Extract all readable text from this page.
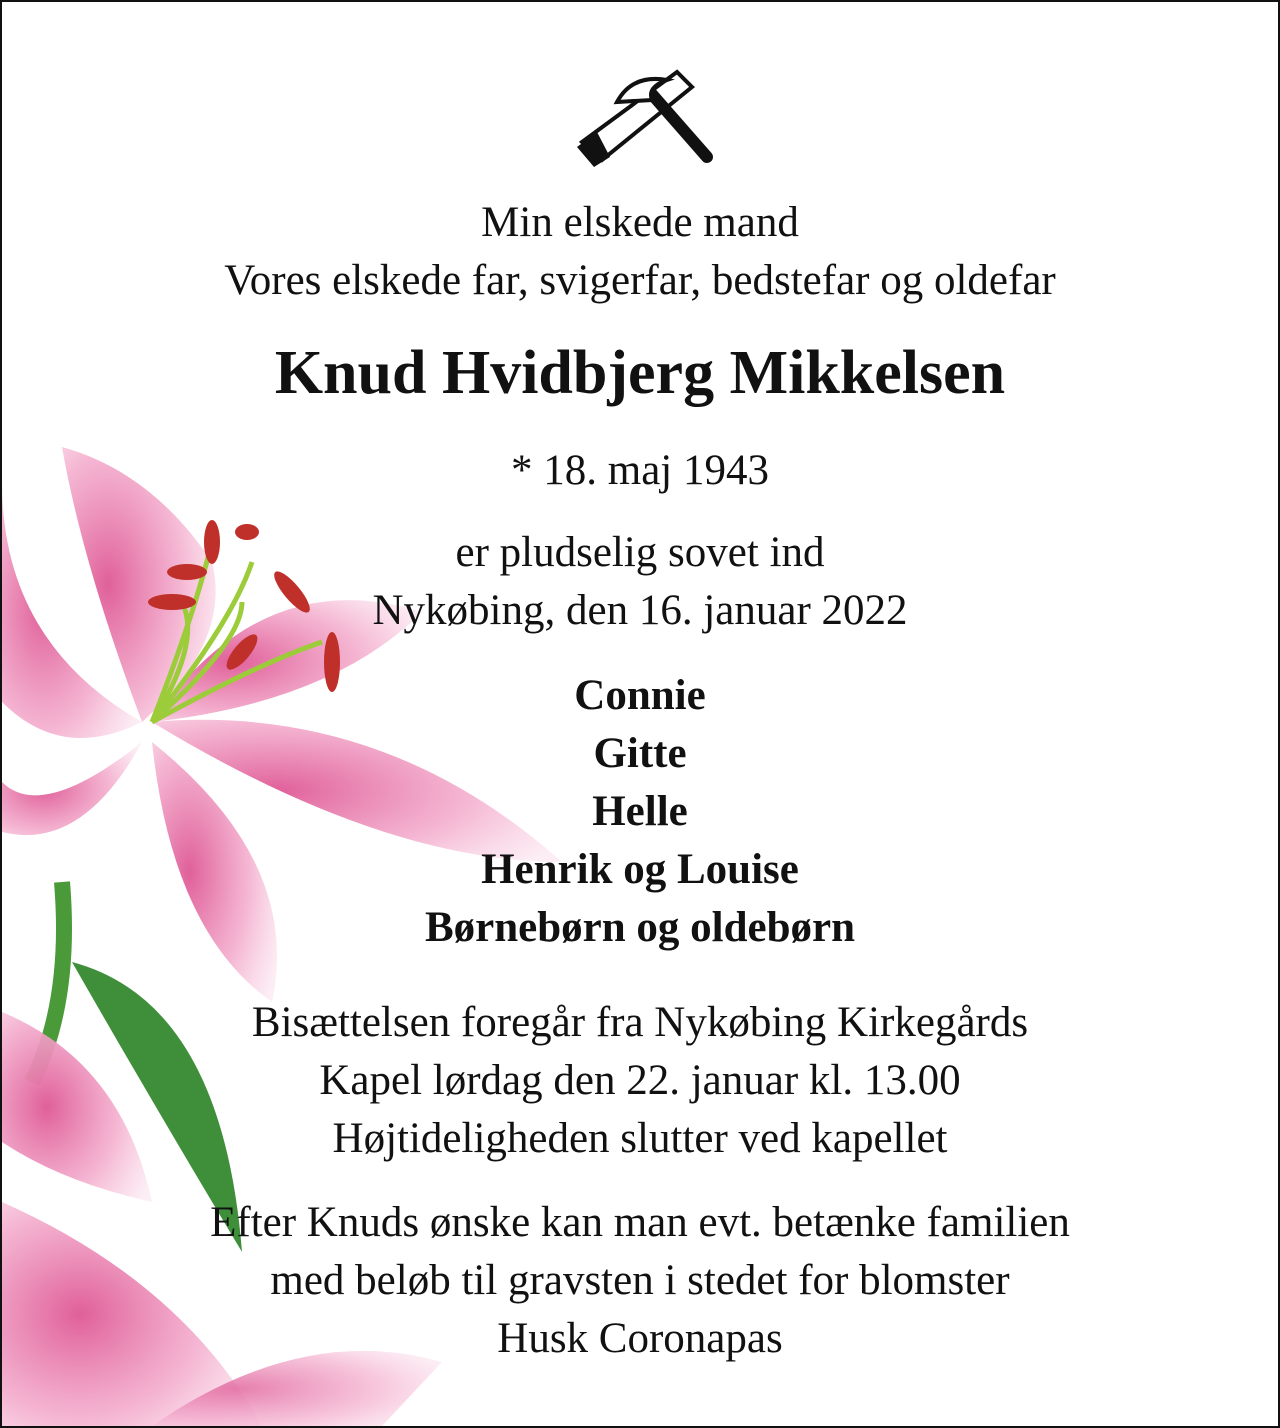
Min elskede mand
Vores elskede far, svigerfar, bedstefar og oldefar
Knud Hvidbjerg Mikkelsen
* 18. maj 1943
er pludselig sovet ind
Nykøbing, den 16. januar 2022
Connie
Gitte
Helle
Henrik og Louise
Børnebørn og oldebørn
Bisættelsen foregår fra Nykøbing Kirkegårds
Kapel lørdag den 22. januar kl. 13.00
Højtideligheden slutter ved kapellet
Efter Knuds ønske kan man evt. betænke familien
med beløb til gravsten i stedet for blomster
Husk Coronapas
